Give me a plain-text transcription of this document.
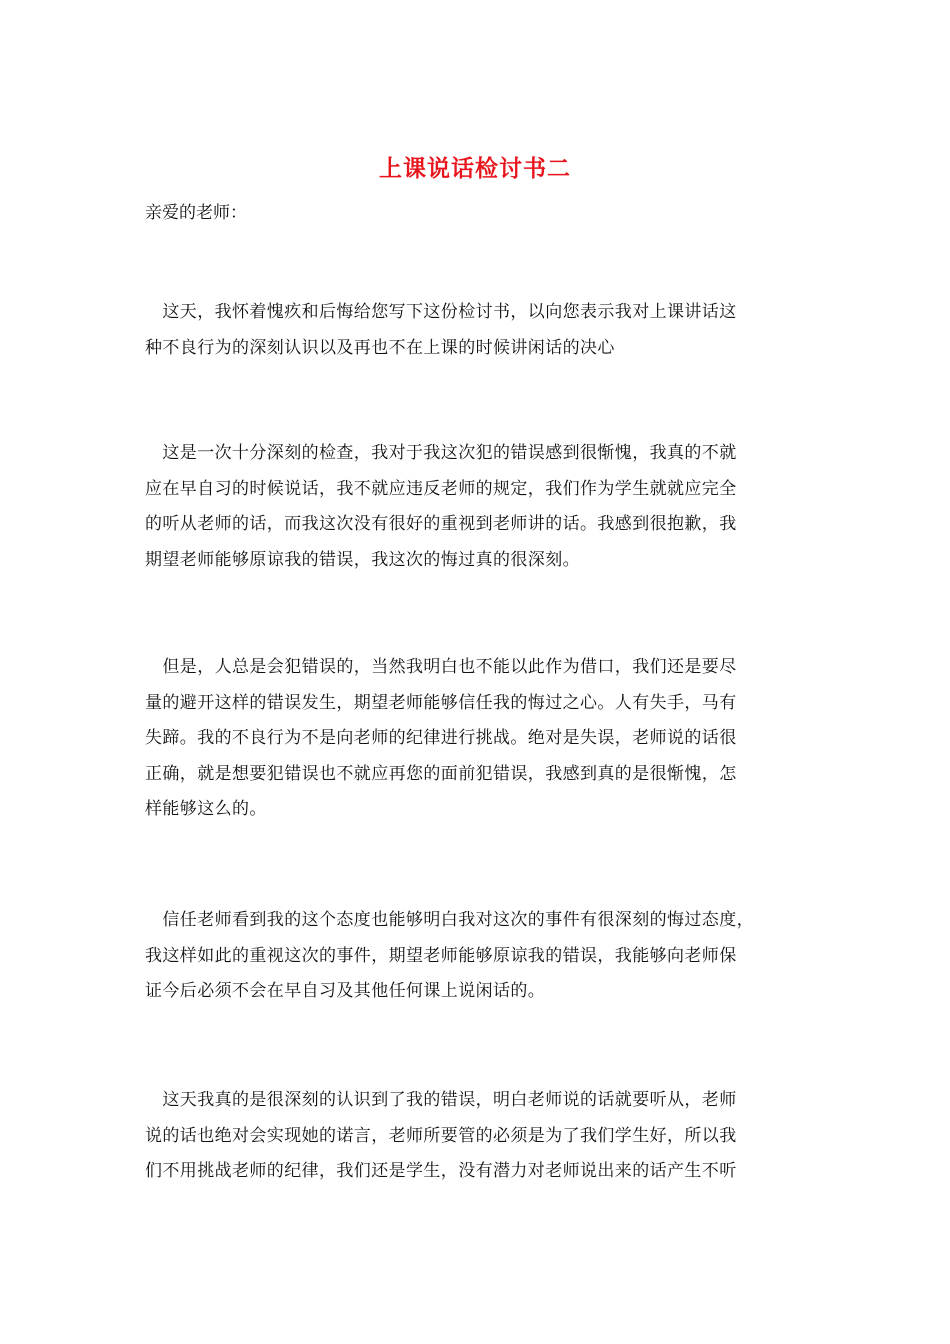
上课说话检讨书二
亲爱的老师：
　这天，我怀着愧疚和后悔给您写下这份检讨书，以向您表示我对上课讲话这
种不良行为的深刻认识以及再也不在上课的时候讲闲话的决心
　这是一次十分深刻的检查，我对于我这次犯的错误感到很惭愧，我真的不就
应在早自习的时候说话，我不就应违反老师的规定，我们作为学生就就应完全
的听从老师的话，而我这次没有很好的重视到老师讲的话。我感到很抱歉，我
期望老师能够原谅我的错误，我这次的悔过真的很深刻。
　但是，人总是会犯错误的，当然我明白也不能以此作为借口，我们还是要尽
量的避开这样的错误发生，期望老师能够信任我的悔过之心。人有失手，马有
失蹄。我的不良行为不是向老师的纪律进行挑战。绝对是失误，老师说的话很
正确，就是想要犯错误也不就应再您的面前犯错误，我感到真的是很惭愧，怎
样能够这么的。
　信任老师看到我的这个态度也能够明白我对这次的事件有很深刻的悔过态度，
我这样如此的重视这次的事件，期望老师能够原谅我的错误，我能够向老师保
证今后必须不会在早自习及其他任何课上说闲话的。
　这天我真的是很深刻的认识到了我的错误，明白老师说的话就要听从，老师
说的话也绝对会实现她的诺言，老师所要管的必须是为了我们学生好，所以我
们不用挑战老师的纪律，我们还是学生，没有潜力对老师说出来的话产生不听
